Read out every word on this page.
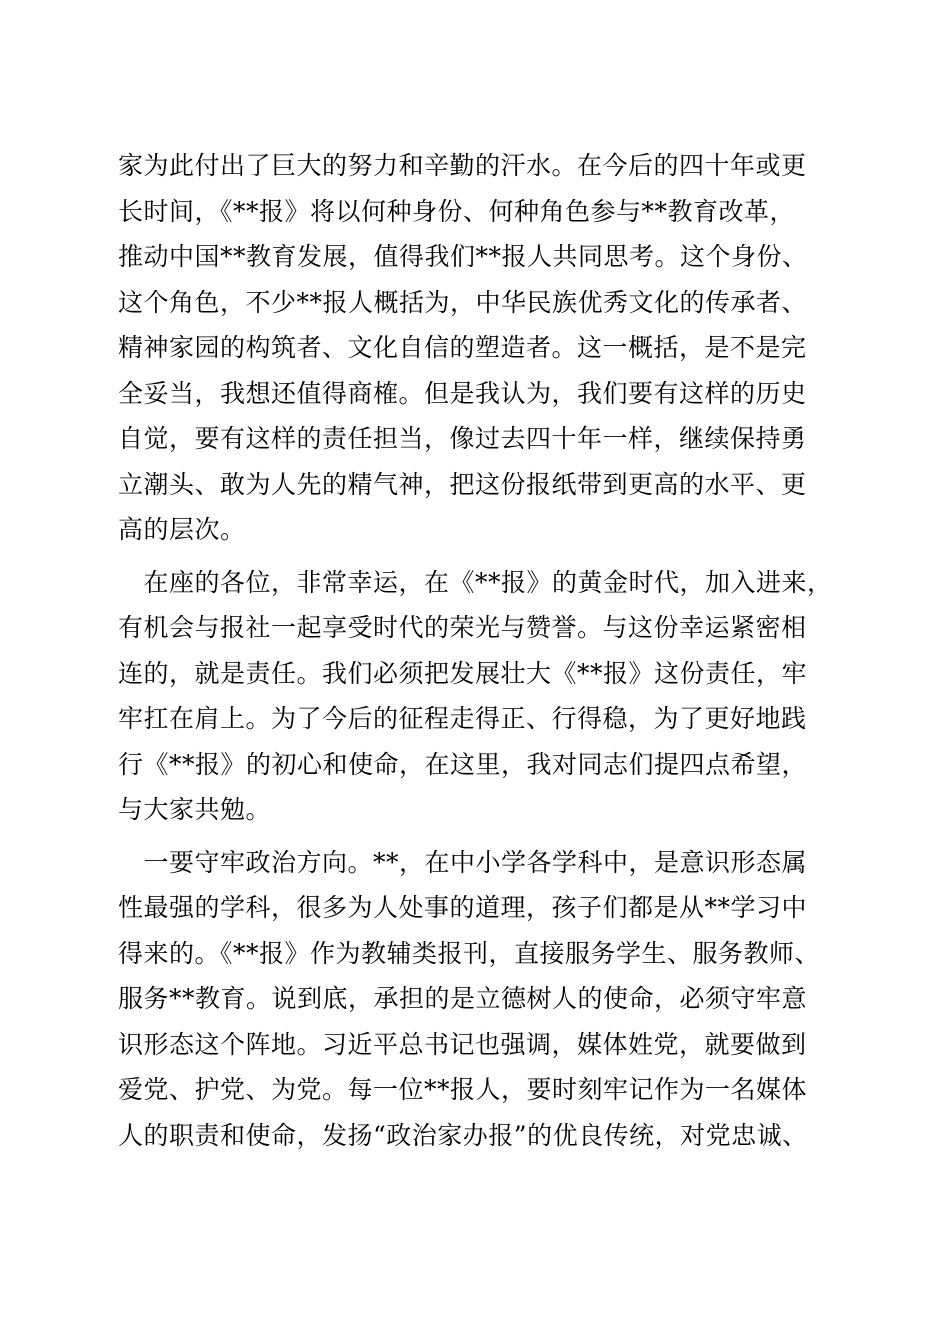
家为此付出了巨大的努力和辛勤的汗水。在今后的四十年或更
长时间，《**报》将以何种身份、何种角色参与**教育改革，
推动中国**教育发展，值得我们**报人共同思考。这个身份、
这个角色，不少**报人概括为，中华民族优秀文化的传承者、
精神家园的构筑者、文化自信的塑造者。这一概括，是不是完
全妥当，我想还值得商榷。但是我认为，我们要有这样的历史
自觉，要有这样的责任担当，像过去四十年一样，继续保持勇
立潮头、敢为人先的精气神，把这份报纸带到更高的水平、更
高的层次。
　在座的各位，非常幸运，在《**报》的黄金时代，加入进来，
有机会与报社一起享受时代的荣光与赞誉。与这份幸运紧密相
连的，就是责任。我们必须把发展壮大《**报》这份责任，牢
牢扛在肩上。为了今后的征程走得正、行得稳，为了更好地践
行《**报》的初心和使命，在这里，我对同志们提四点希望，
与大家共勉。
　一要守牢政治方向。**，在中小学各学科中，是意识形态属
性最强的学科，很多为人处事的道理，孩子们都是从**学习中
得来的。《**报》作为教辅类报刊，直接服务学生、服务教师、
服务**教育。说到底，承担的是立德树人的使命，必须守牢意
识形态这个阵地。习近平总书记也强调，媒体姓党，就要做到
爱党、护党、为党。每一位**报人，要时刻牢记作为一名媒体
人的职责和使命，发扬“政治家办报”的优良传统，对党忠诚、
